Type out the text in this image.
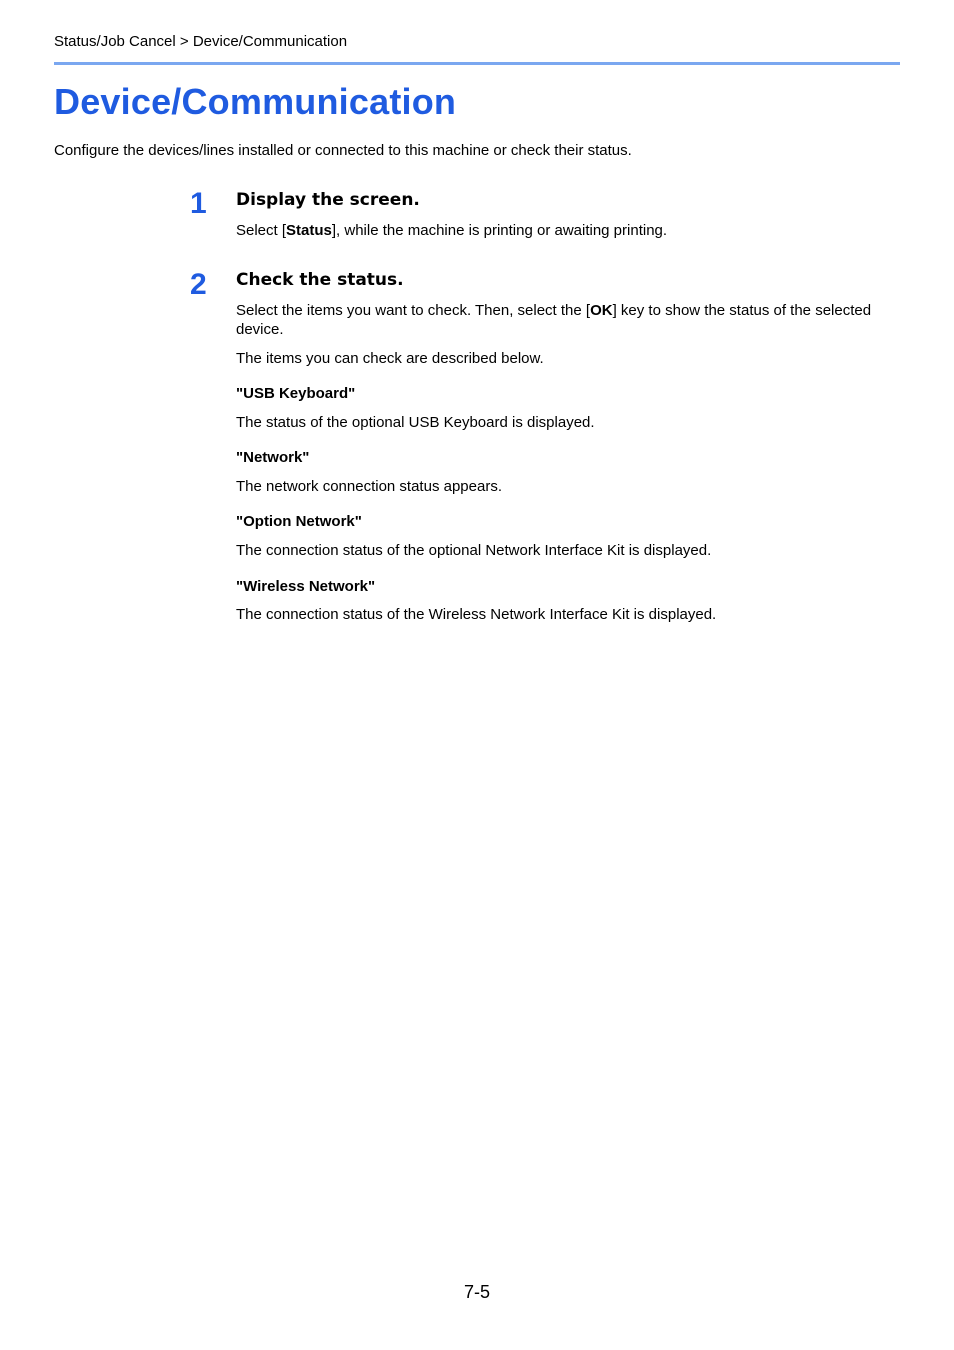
Status/Job Cancel > Device/Communication
Device/Communication

Configure the devices/lines installed or connected to this machine or check their status.

1 Display the screen.

Select [Status], while the machine is printing or awaiting printing.

2 Check the status.

Select the items you want to check. Then, select the [OK] key to show the status of the selected device.

The items you can check are described below.

"USB Keyboard"

The status of the optional USB Keyboard is displayed.

"Network"

The network connection status appears.

"Option Network"

The connection status of the optional Network Interface Kit is displayed.

"Wireless Network"

The connection status of the Wireless Network Interface Kit is displayed.

7-5
